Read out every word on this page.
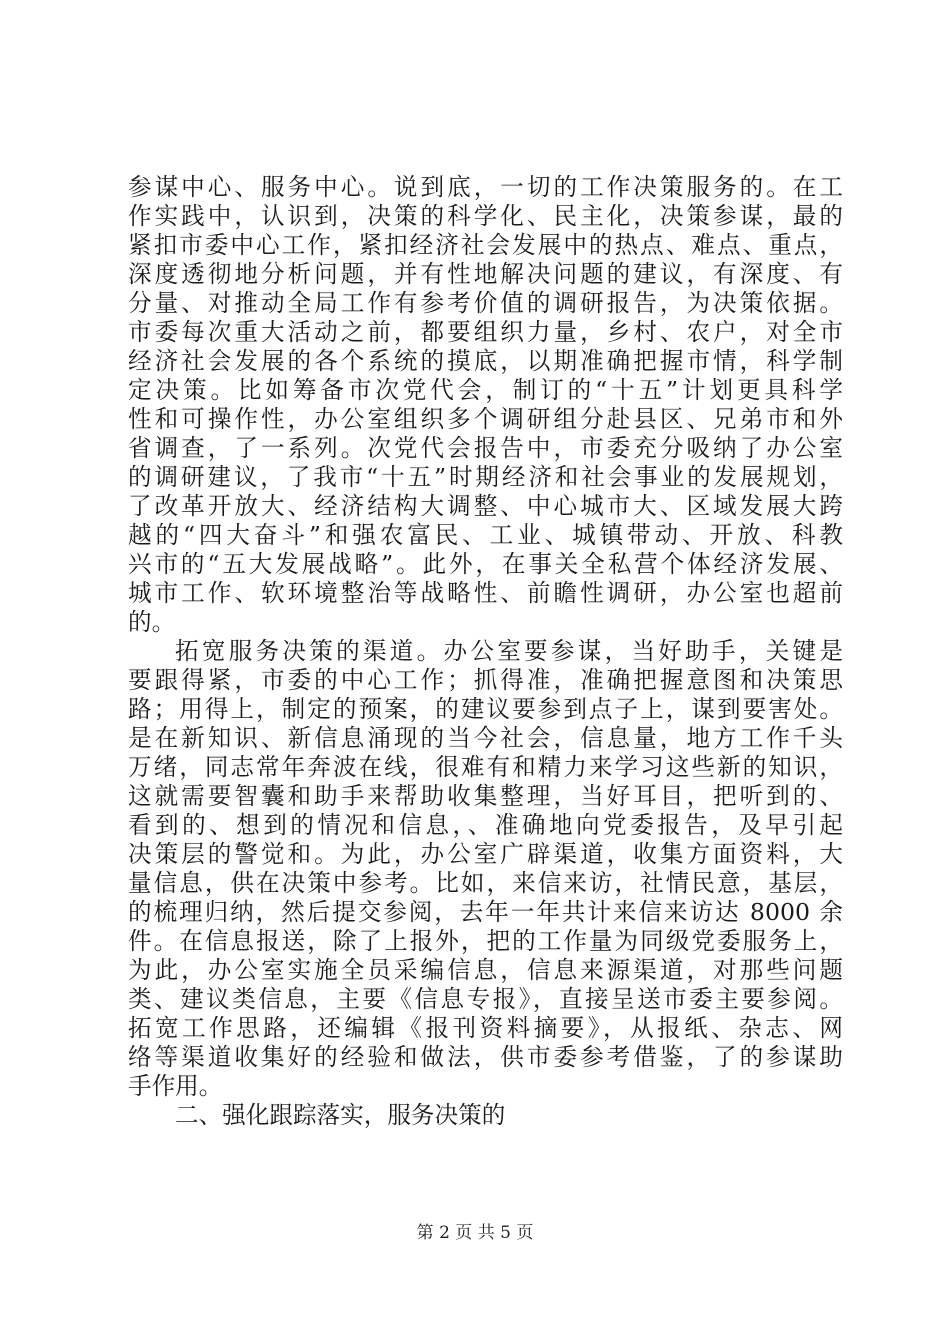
参谋中心、服务中心。说到底，一切的工作决策服务的。在工
作实践中，认识到，决策的科学化、民主化，决策参谋，最的
紧扣市委中心工作，紧扣经济社会发展中的热点、难点、重点，
深度透彻地分析问题，并有性地解决问题的建议，有深度、有
分量、对推动全局工作有参考价值的调研报告，为决策依据。
市委每次重大活动之前，都要组织力量，乡村、农户，对全市
经济社会发展的各个系统的摸底，以期准确把握市情，科学制
定决策。比如筹备市次党代会，制订的“十五”计划更具科学
性和可操作性，办公室组织多个调研组分赴县区、兄弟市和外
省调查，了一系列。次党代会报告中，市委充分吸纳了办公室
的调研建议，了我市“十五”时期经济和社会事业的发展规划，
了改革开放大、经济结构大调整、中心城市大、区域发展大跨
越的“四大奋斗”和强农富民、工业、城镇带动、开放、科教
兴市的“五大发展战略”。此外，在事关全私营个体经济发展、
城市工作、软环境整治等战略性、前瞻性调研，办公室也超前
的。
拓宽服务决策的渠道。办公室要参谋，当好助手，关键是
要跟得紧，市委的中心工作；抓得准，准确把握意图和决策思
路；用得上，制定的预案，的建议要参到点子上，谋到要害处。
是在新知识、新信息涌现的当今社会，信息量，地方工作千头
万绪，同志常年奔波在线，很难有和精力来学习这些新的知识，
这就需要智囊和助手来帮助收集整理，当好耳目，把听到的、
看到的、想到的情况和信息，、准确地向党委报告，及早引起
决策层的警觉和。为此，办公室广辟渠道，收集方面资料，大
量信息，供在决策中参考。比如，来信来访，社情民意，基层，
的梳理归纳，然后提交参阅，去年一年共计来信来访达 8000 余
件。在信息报送，除了上报外，把的工作量为同级党委服务上，
为此，办公室实施全员采编信息，信息来源渠道，对那些问题
类、建议类信息，主要《信息专报》，直接呈送市委主要参阅。
拓宽工作思路，还编辑《报刊资料摘要》，从报纸、杂志、网
络等渠道收集好的经验和做法，供市委参考借鉴，了的参谋助
手作用。
二、强化跟踪落实，服务决策的
第 2 页 共 5 页
